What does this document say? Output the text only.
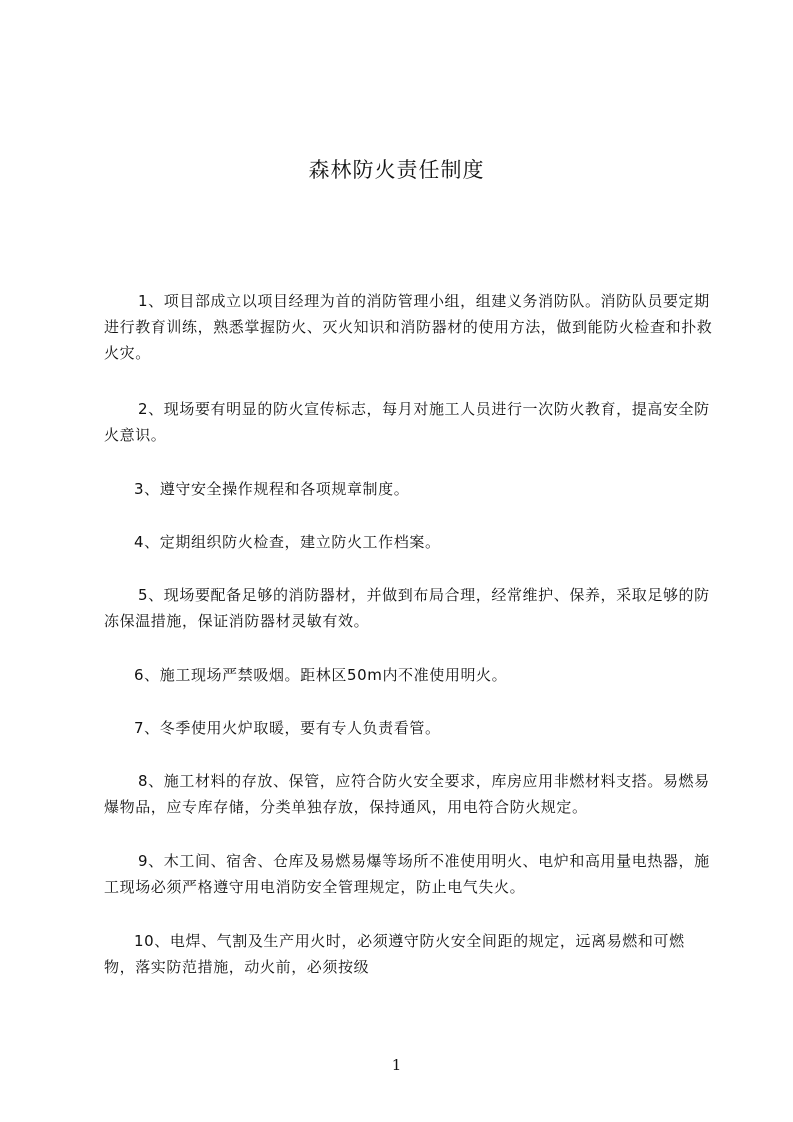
森林防火责任制度

1、项目部成立以项目经理为首的消防管理小组，组建义务消防队。消防队员要定期进行教育训练，熟悉掌握防火、灭火知识和消防器材的使用方法，做到能防火检查和扑救火灾。

2、现场要有明显的防火宣传标志，每月对施工人员进行一次防火教育，提高安全防火意识。

3、遵守安全操作规程和各项规章制度。

4、定期组织防火检查，建立防火工作档案。

5、现场要配备足够的消防器材，并做到布局合理，经常维护、保养，采取足够的防冻保温措施，保证消防器材灵敏有效。

6、施工现场严禁吸烟。距林区50m内不准使用明火。

7、冬季使用火炉取暖，要有专人负责看管。

8、施工材料的存放、保管，应符合防火安全要求，库房应用非燃材料支搭。易燃易爆物品，应专库存储，分类单独存放，保持通风，用电符合防火规定。

9、木工间、宿舍、仓库及易燃易爆等场所不准使用明火、电炉和高用量电热器，施工现场必须严格遵守用电消防安全管理规定，防止电气失火。

10、电焊、气割及生产用火时，必须遵守防火安全间距的规定，远离易燃和可燃物，落实防范措施，动火前，必须按级

1
